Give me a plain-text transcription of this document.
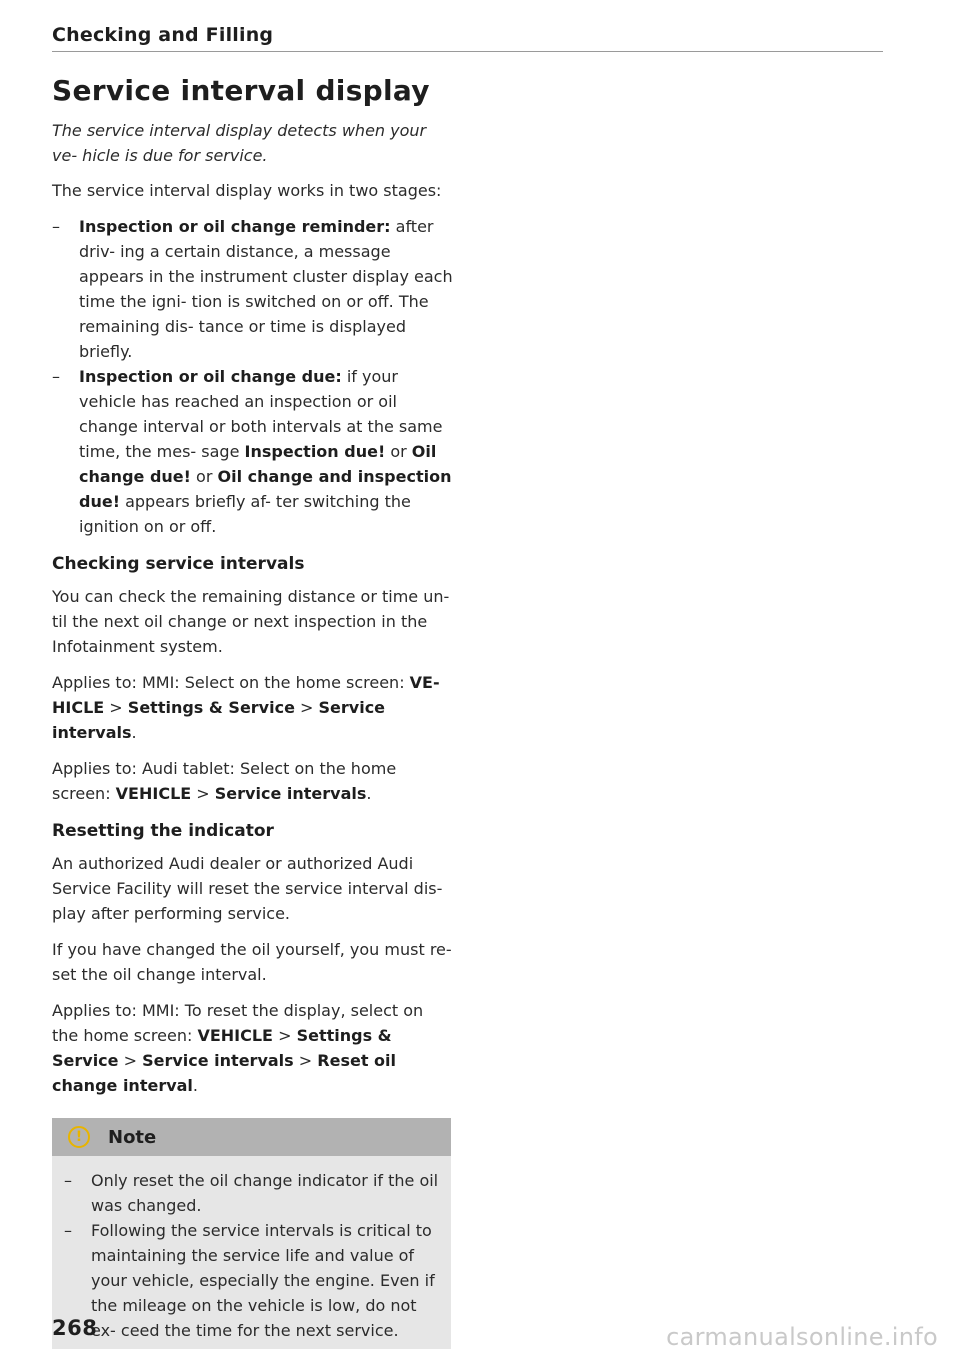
Checking and Filling
Service interval display

The service interval display detects when your ve- hicle is due for service.

The service interval display works in two stages:

– Inspection or oil change reminder: after driv- ing a certain distance, a message appears in the instrument cluster display each time the igni- tion is switched on or off. The remaining dis- tance or time is displayed briefly.
– Inspection or oil change due: if your vehicle has reached an inspection or oil change interval or both intervals at the same time, the mes- sage Inspection due! or Oil change due! or Oil change and inspection due! appears briefly af- ter switching the ignition on or off.
Checking service intervals

You can check the remaining distance or time un- til the next oil change or next inspection in the Infotainment system.

Applies to: MMI: Select on the home screen: VE- HICLE > Settings & Service > Service intervals.

Applies to: Audi tablet: Select on the home screen: VEHICLE > Service intervals.

Resetting the indicator

An authorized Audi dealer or authorized Audi Service Facility will reset the service interval dis- play after performing service.

If you have changed the oil yourself, you must re- set the oil change interval.

Applies to: MMI: To reset the display, select on the home screen: VEHICLE > Settings & Service > Service intervals > Reset oil change interval.

!	Note
– Only reset the oil change indicator if the oil was changed.
– Following the service intervals is critical to maintaining the service life and value of your vehicle, especially the engine. Even if the mileage on the vehicle is low, do not ex- ceed the time for the next service.
268	carmanualsonline.info
